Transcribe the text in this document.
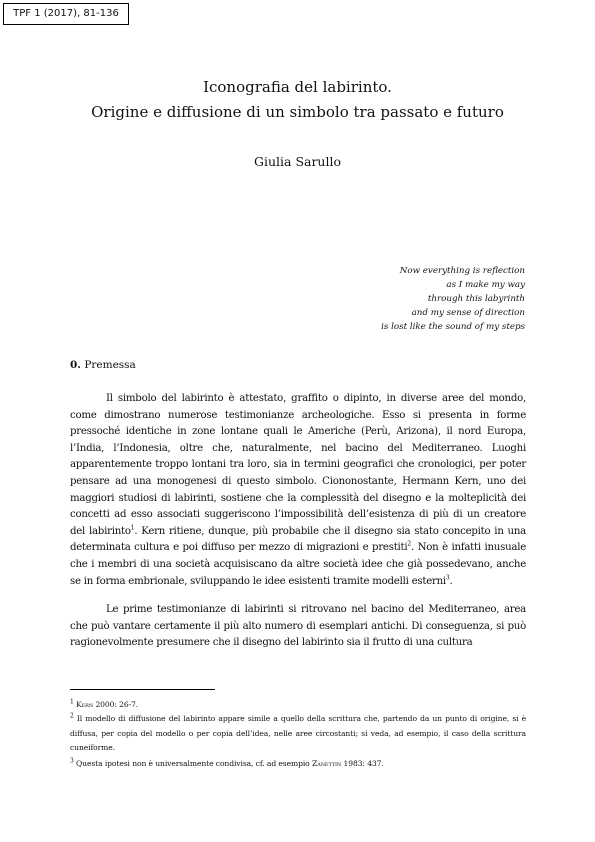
TPF 1 (2017), 81-136
Iconografia del labirinto.
Origine e diffusione di un simbolo tra passato e futuro
Giulia Sarullo
Now everything is reflection
as I make my way
through this labyrinth
and my sense of direction
is lost like the sound of my steps
0. Premessa

Il simbolo del labirinto è attestato, graffito o dipinto, in diverse aree del mondo, come dimostrano numerose testimonianze archeologiche. Esso si presenta in forme pressoché identiche in zone lontane quali le Americhe (Perù, Arizona), il nord Europa, l’India, l’Indonesia, oltre che, naturalmente, nel bacino del Mediterraneo. Luoghi apparentemente troppo lontani tra loro, sia in termini geografici che cronologici, per poter pensare ad una monogenesi di questo simbolo. Ciononostante, Hermann Kern, uno dei maggiori studiosi di labirinti, sostiene che la complessità del disegno e la molteplicità dei concetti ad esso associati suggeriscono l’impossibilità dell’esistenza di più di un creatore del labirinto$^1$. Kern ritiene, dunque, più probabile che il disegno sia stato concepito in una determinata cultura e poi diffuso per mezzo di migrazioni e prestiti$^2$. Non è infatti inusuale che i membri di una società acquisiscano da altre società idee che già possedevano, anche se in forma embrionale, sviluppando le idee esistenti tramite modelli esterni$^3$.

Le prime testimonianze di labirinti si ritrovano nel bacino del Mediterraneo, area che può vantare certamente il più alto numero di esemplari antichi. Di conseguenza, si può ragionevolmente presumere che il disegno del labirinto sia il frutto di una cultura

$^1$ Kern 2000: 26-7.

$^2$ Il modello di diffusione del labirinto appare simile a quello della scrittura che, partendo da un punto di origine, si è diffusa, per copia del modello o per copia dell’idea, nelle aree circostanti; si veda, ad esempio, il caso della scrittura cuneiforme.

$^3$ Questa ipotesi non è universalmente condivisa, cf. ad esempio Zanettin 1983: 437.
